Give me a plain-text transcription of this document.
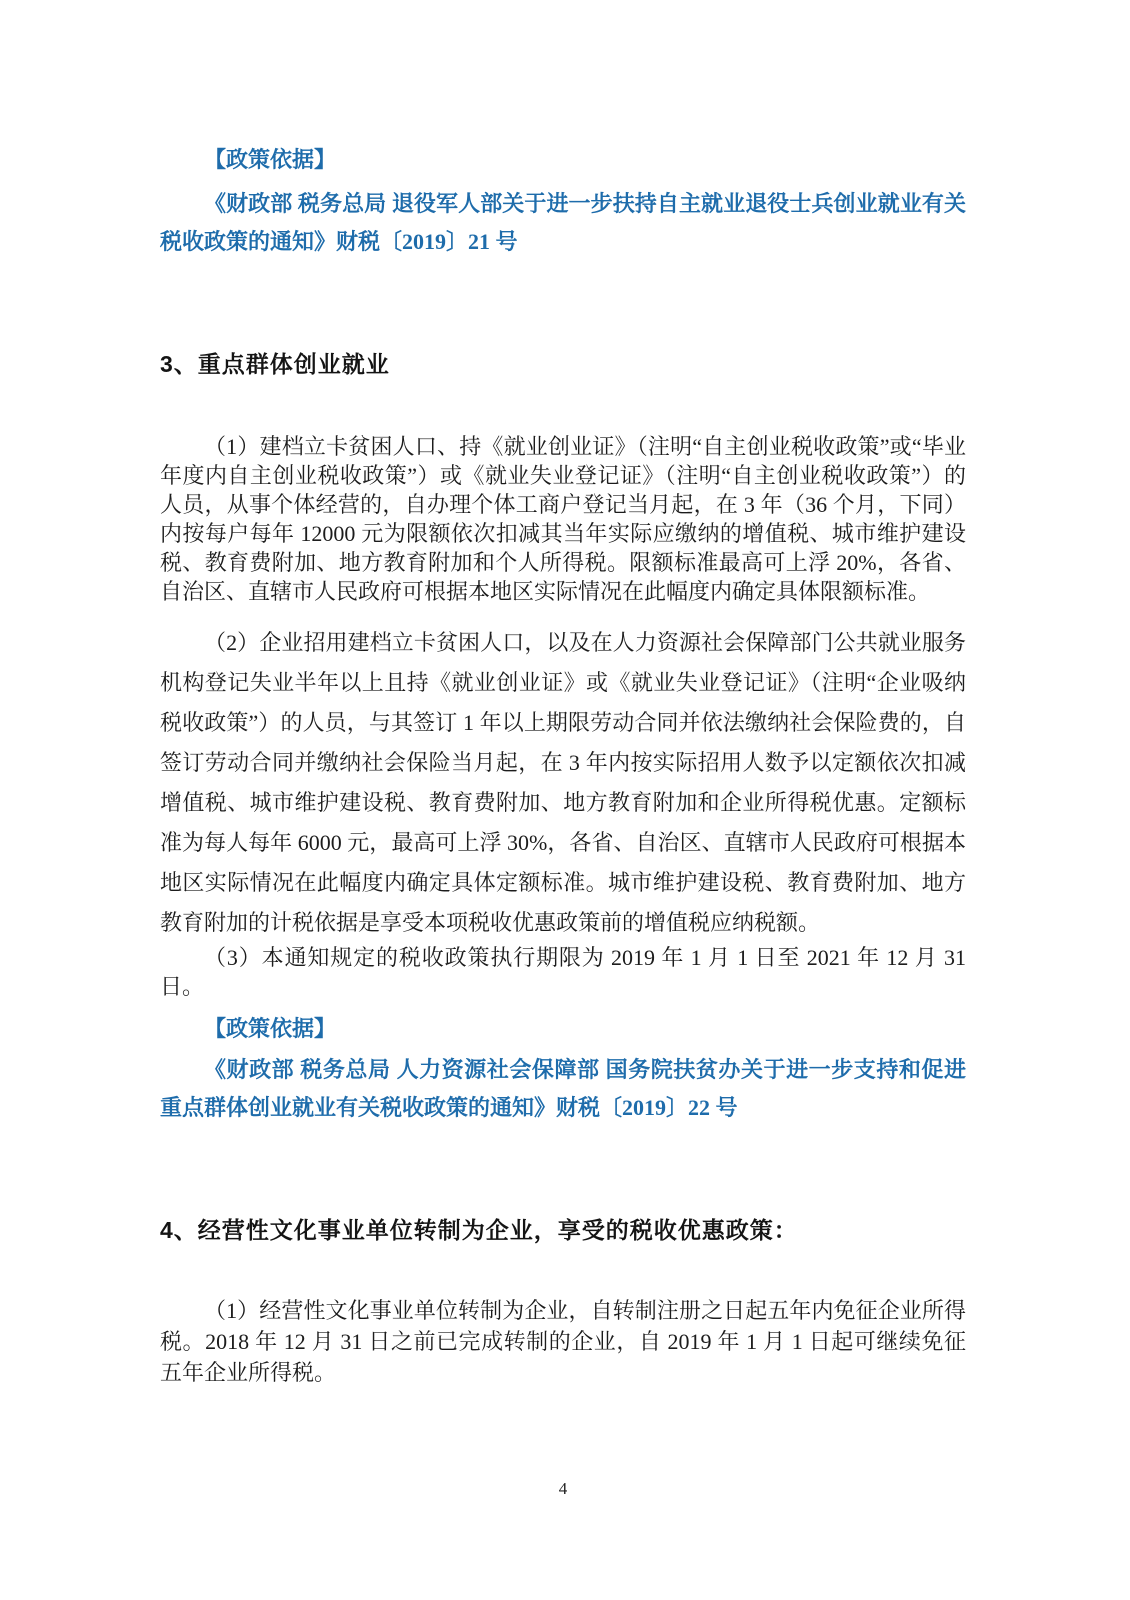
【政策依据】
《财政部 税务总局 退役军人部关于进一步扶持自主就业退役士兵创业就业有关税收政策的通知》财税〔2019〕21 号
3、重点群体创业就业
（1）建档立卡贫困人口、持《就业创业证》（注明“自主创业税收政策”或“毕业年度内自主创业税收政策”）或《就业失业登记证》（注明“自主创业税收政策”）的人员，从事个体经营的，自办理个体工商户登记当月起，在 3 年（36 个月，下同）内按每户每年 12000 元为限额依次扣减其当年实际应缴纳的增值税、城市维护建设税、教育费附加、地方教育附加和个人所得税。限额标准最高可上浮 20%，各省、自治区、直辖市人民政府可根据本地区实际情况在此幅度内确定具体限额标准。
（2）企业招用建档立卡贫困人口，以及在人力资源社会保障部门公共就业服务机构登记失业半年以上且持《就业创业证》或《就业失业登记证》（注明“企业吸纳税收政策”）的人员，与其签订 1 年以上期限劳动合同并依法缴纳社会保险费的，自签订劳动合同并缴纳社会保险当月起，在 3 年内按实际招用人数予以定额依次扣减增值税、城市维护建设税、教育费附加、地方教育附加和企业所得税优惠。定额标准为每人每年 6000 元，最高可上浮 30%，各省、自治区、直辖市人民政府可根据本地区实际情况在此幅度内确定具体定额标准。城市维护建设税、教育费附加、地方教育附加的计税依据是享受本项税收优惠政策前的增值税应纳税额。
（3）本通知规定的税收政策执行期限为 2019 年 1 月 1 日至 2021 年 12 月 31 日。
【政策依据】
《财政部 税务总局 人力资源社会保障部 国务院扶贫办关于进一步支持和促进重点群体创业就业有关税收政策的通知》财税〔2019〕22 号
4、经营性文化事业单位转制为企业，享受的税收优惠政策：
（1）经营性文化事业单位转制为企业，自转制注册之日起五年内免征企业所得税。2018 年 12 月 31 日之前已完成转制的企业，自 2019 年 1 月 1 日起可继续免征五年企业所得税。
4
